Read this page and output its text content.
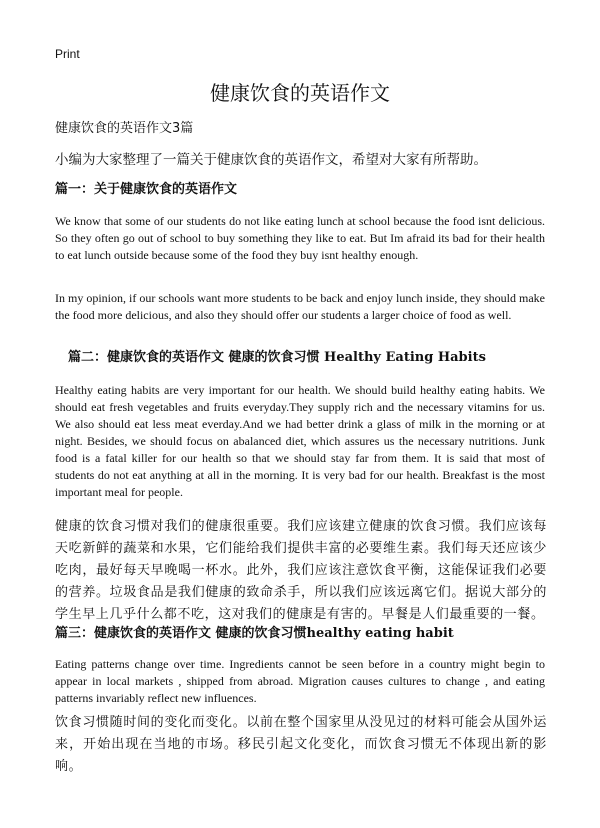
Print
健康饮食的英语作文
健康饮食的英语作文3篇
小编为大家整理了一篇关于健康饮食的英语作文，希望对大家有所帮助。
篇一：关于健康饮食的英语作文
We know that some of our students do not like eating lunch at school because the food isnt delicious. So they often go out of school to buy something they like to eat. But Im afraid its bad for their health to eat lunch outside because some of the food they buy isnt healthy enough.
In my opinion, if our schools want more students to be back and enjoy lunch inside, they should make the food more delicious, and also they should offer our students a larger choice of food as well.
篇二：健康饮食的英语作文 健康的饮食习惯 Healthy Eating Habits
Healthy eating habits are very important for our health. We should build healthy eating habits. We should eat fresh vegetables and fruits everyday.They supply rich and the necessary vitamins for us. We also should eat less meat everday.And we had better drink a glass of milk in the morning or at night. Besides, we should focus on abalanced diet, which assures us the necessary nutritions. Junk food is a fatal killer for our health so that we should stay far from them. It is said that most of students do not eat anything at all in the morning. It is very bad for our health. Breakfast is the most important meal for people.
健康的饮食习惯对我们的健康很重要。我们应该建立健康的饮食习惯。我们应该每天吃新鲜的蔬菜和水果，它们能给我们提供丰富的必要维生素。我们每天还应该少吃肉，最好每天早晚喝一杯水。此外，我们应该注意饮食平衡，这能保证我们必要的营养。垃圾食品是我们健康的致命杀手，所以我们应该远离它们。据说大部分的学生早上几乎什么都不吃，这对我们的健康是有害的。早餐是人们最重要的一餐。
篇三：健康饮食的英语作文 健康的饮食习惯healthy eating habit
Eating patterns change over time. Ingredients cannot be seen before in a country might begin to appear in local markets , shipped from abroad. Migration causes cultures to change , and eating patterns invariably reflect new influences.
饮食习惯随时间的变化而变化。以前在整个国家里从没见过的材料可能会从国外运来，开始出现在当地的市场。移民引起文化变化，而饮食习惯无不体现出新的影响。
